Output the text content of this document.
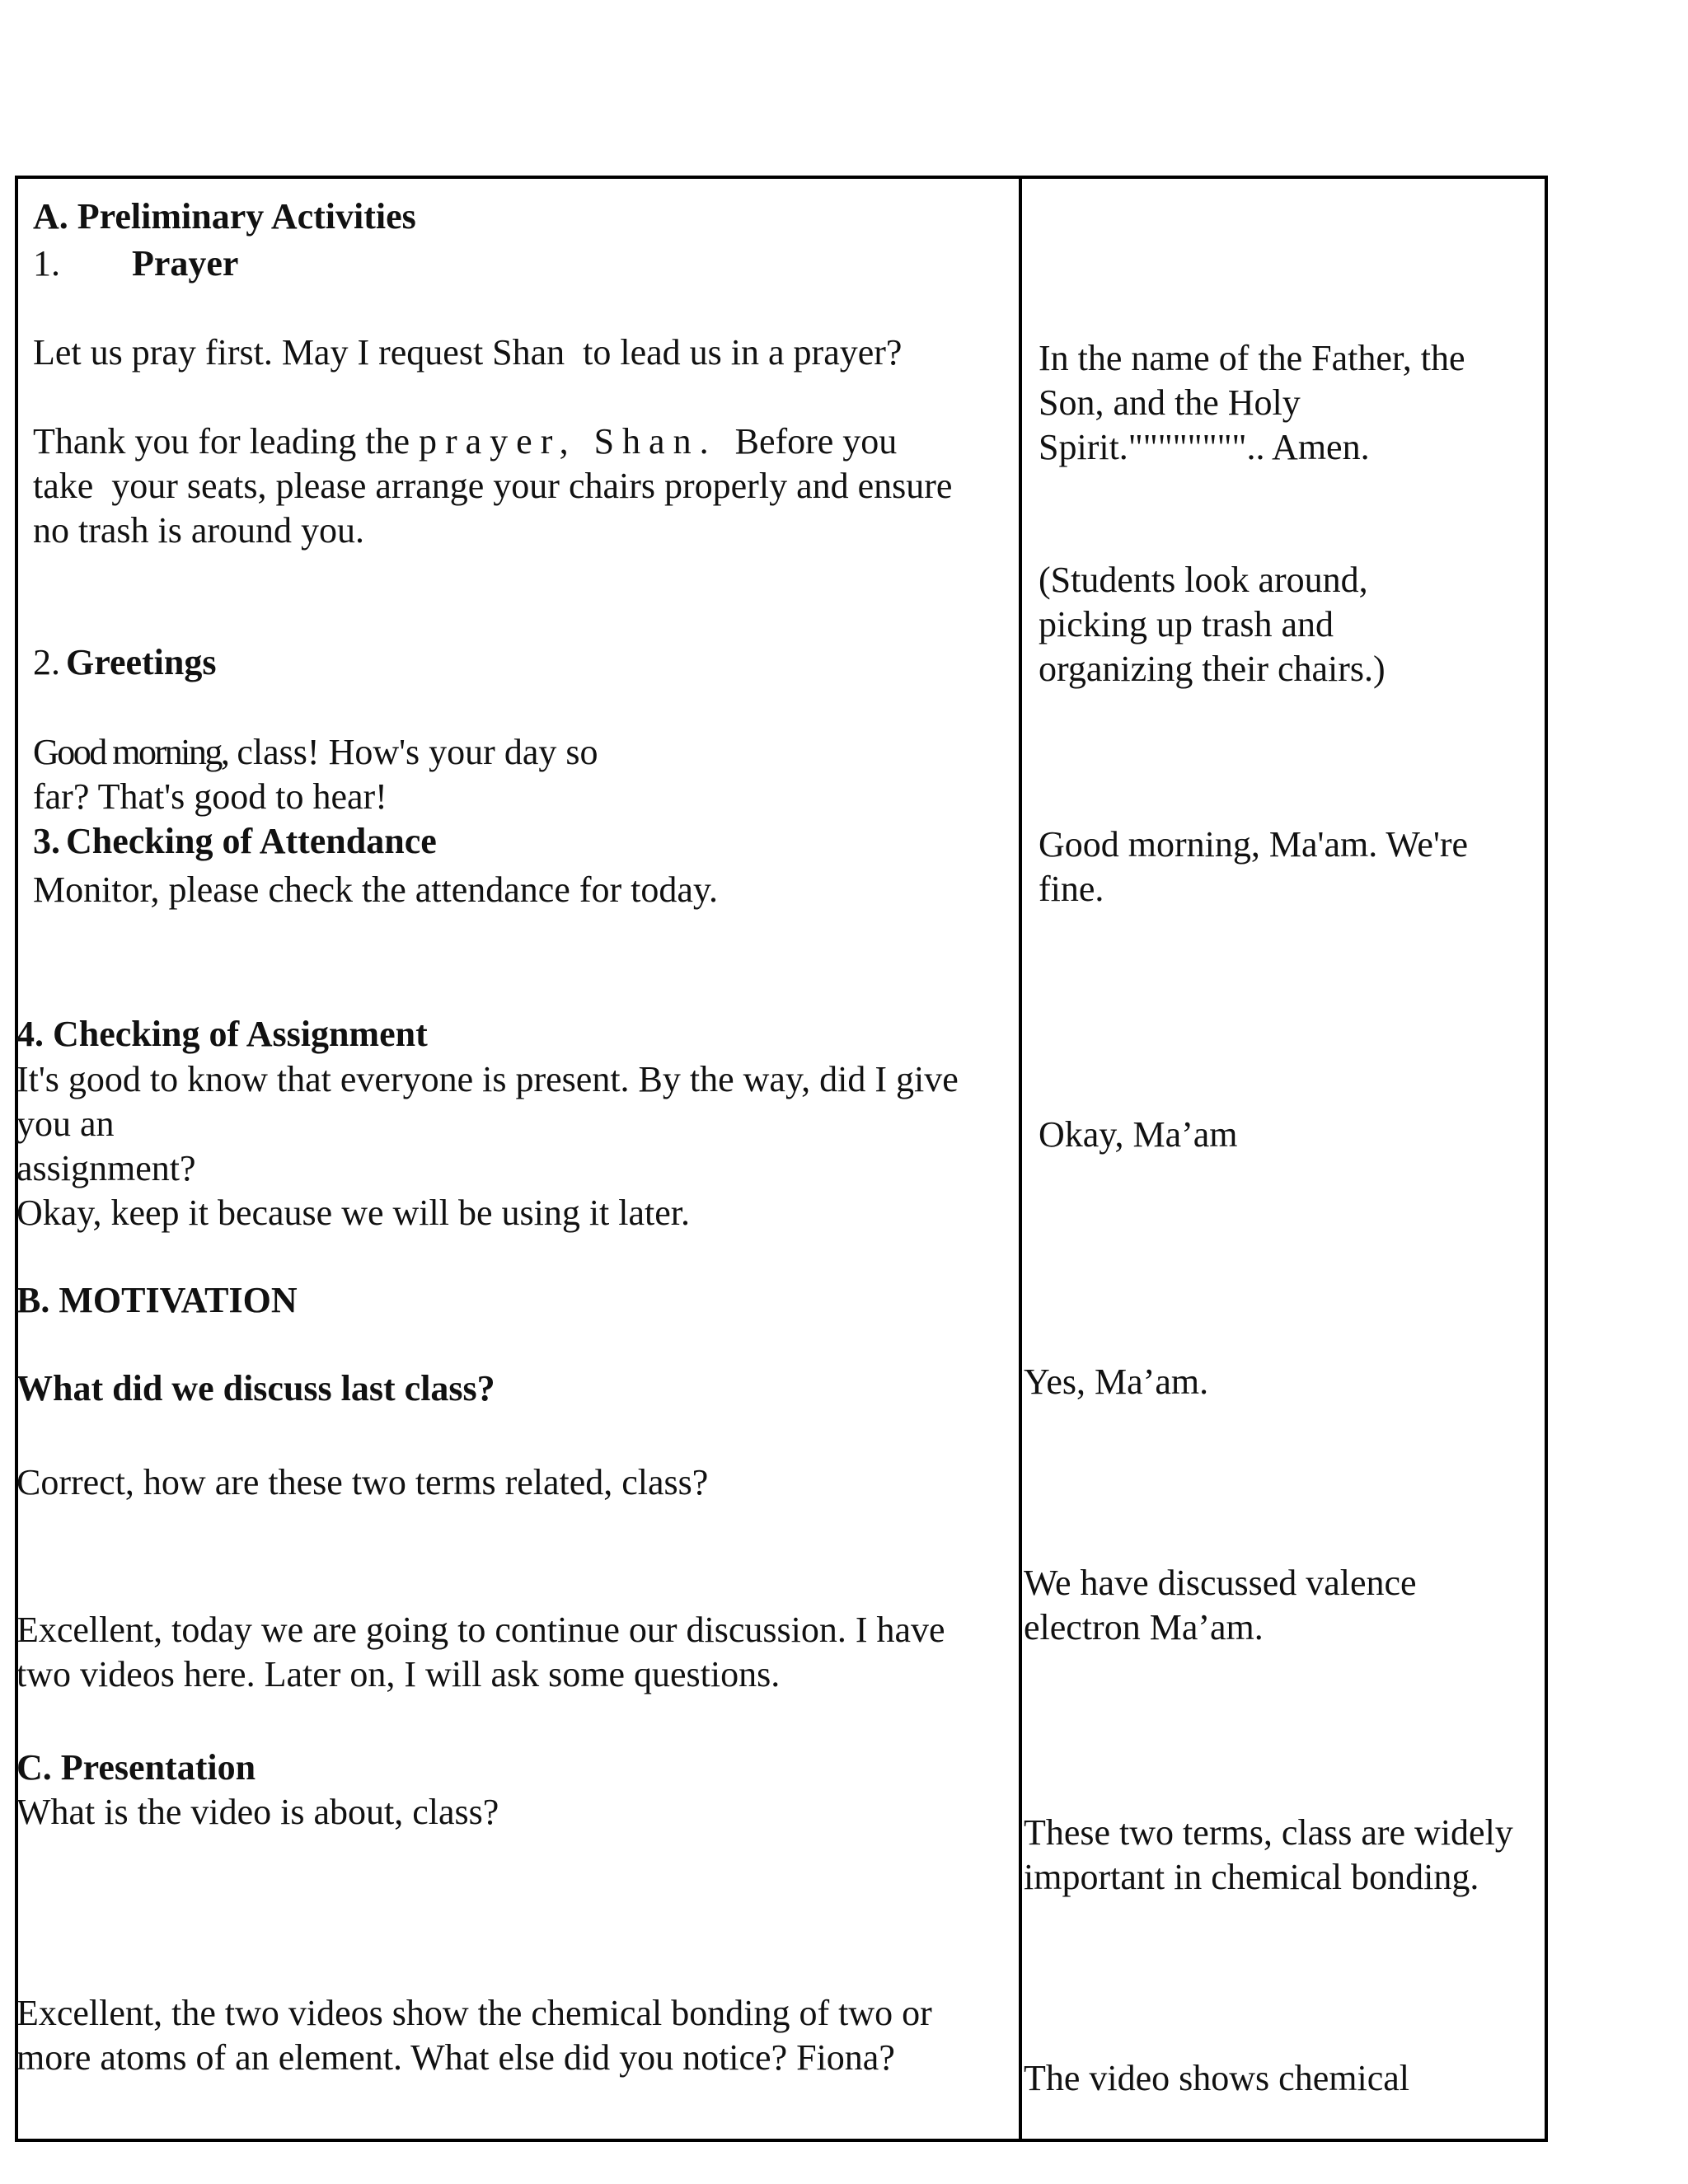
A. Preliminary Activities

1. Prayer

Let us pray first. May I request Shan  to lead us in a prayer?

Thank you for leading the prayer, Shan.  Before you

take  your seats, please arrange your chairs properly and ensure

no trash is around you.

2. Greetings

Good morning, class! How's your day so

far? That's good to hear!

3. Checking of Attendance

Monitor, please check the attendance for today.

4. Checking of Assignment

It's good to know that everyone is present. By the way, did I give

you an

assignment?

Okay, keep it because we will be using it later.

B. MOTIVATION

What did we discuss last class?

Correct, how are these two terms related, class?

Excellent, today we are going to continue our discussion. I have

two videos here. Later on, I will ask some questions.

C. Presentation

What is the video is about, class?

Excellent, the two videos show the chemical bonding of two or

more atoms of an element. What else did you notice? Fiona?

In the name of the Father, the

Son, and the Holy

Spirit."""""""".. Amen.

(Students look around,

picking up trash and

organizing their chairs.)

Good morning, Ma'am. We're

fine.

Okay, Ma’am

Yes, Ma’am.

We have discussed valence

electron Ma’am.

These two terms, class are widely

important in chemical bonding.

The video shows chemical
